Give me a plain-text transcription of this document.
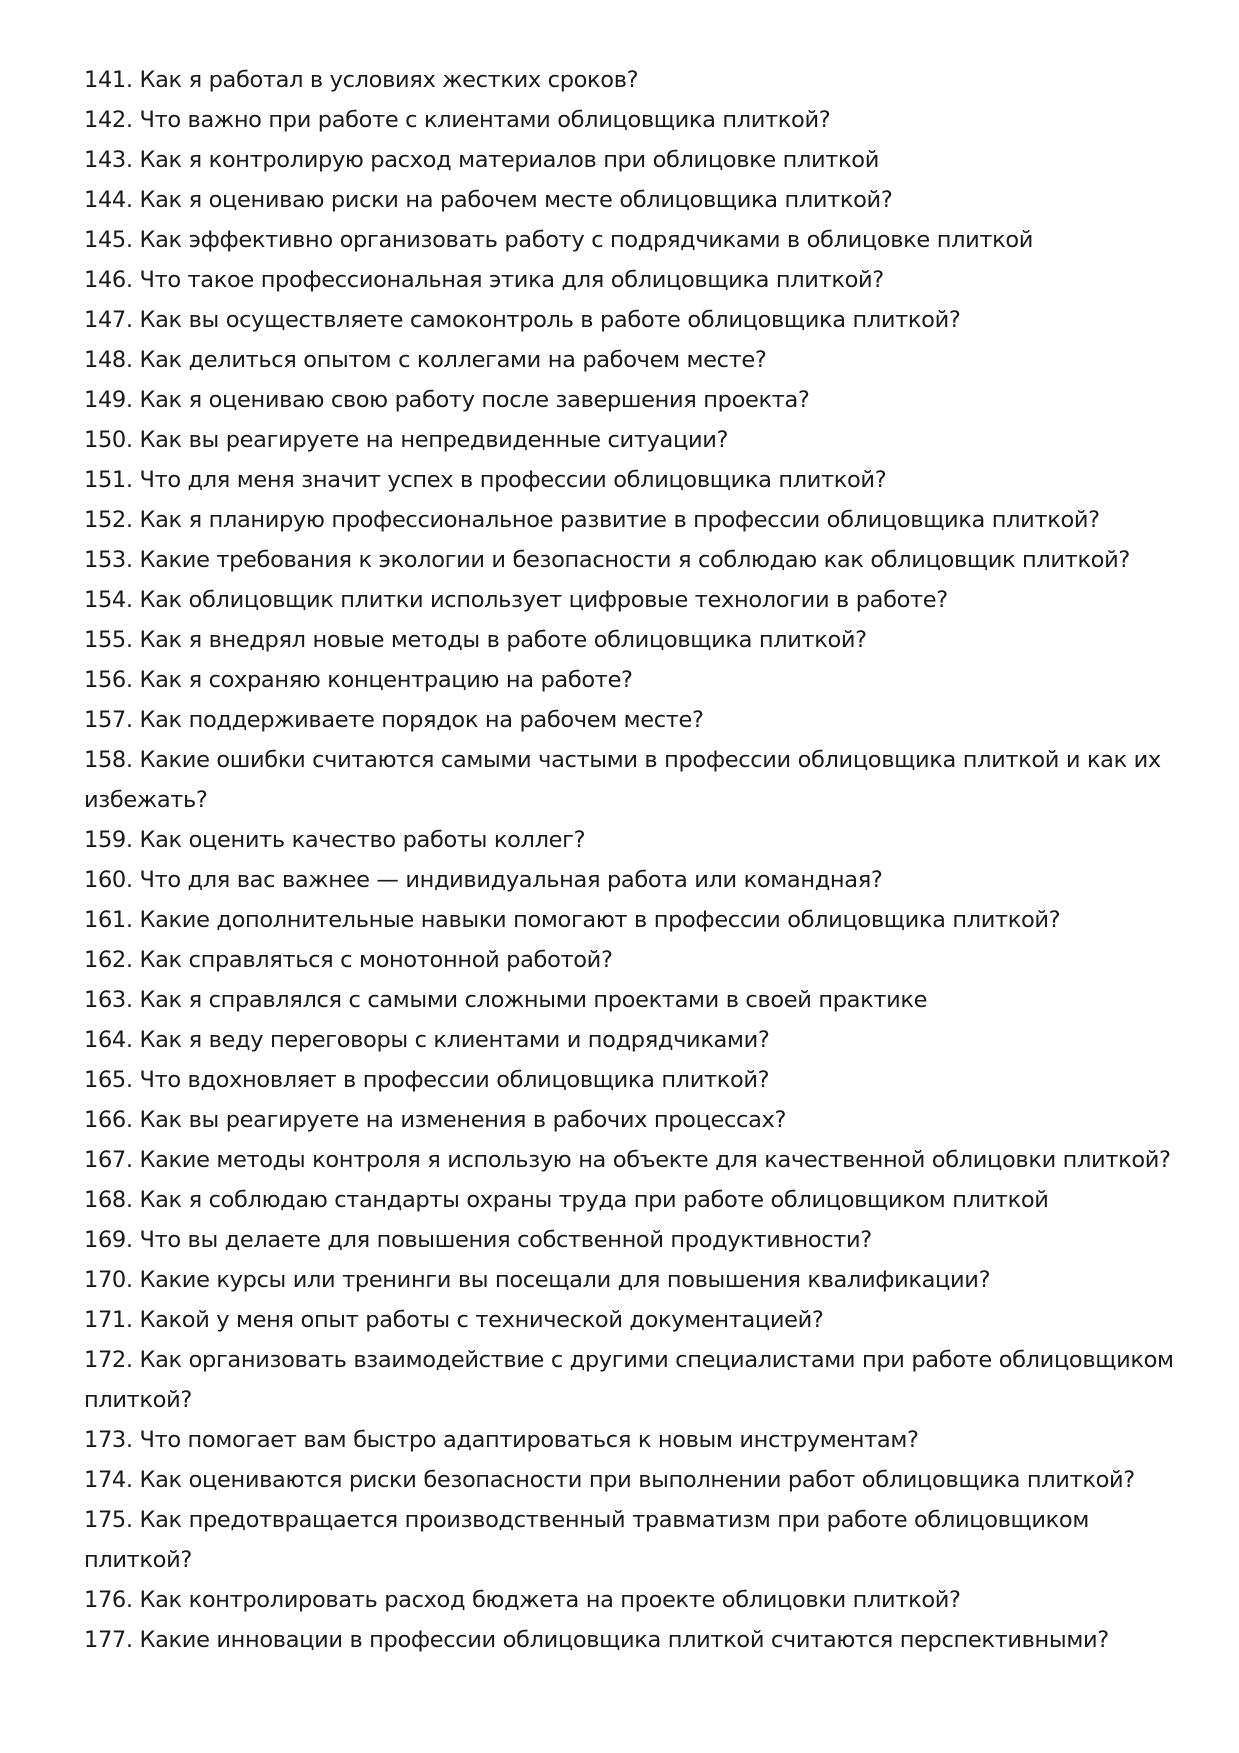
141. Как я работал в условиях жестких сроков?
142. Что важно при работе с клиентами облицовщика плиткой?
143. Как я контролирую расход материалов при облицовке плиткой
144. Как я оцениваю риски на рабочем месте облицовщика плиткой?
145. Как эффективно организовать работу с подрядчиками в облицовке плиткой
146. Что такое профессиональная этика для облицовщика плиткой?
147. Как вы осуществляете самоконтроль в работе облицовщика плиткой?
148. Как делиться опытом с коллегами на рабочем месте?
149. Как я оцениваю свою работу после завершения проекта?
150. Как вы реагируете на непредвиденные ситуации?
151. Что для меня значит успех в профессии облицовщика плиткой?
152. Как я планирую профессиональное развитие в профессии облицовщика плиткой?
153. Какие требования к экологии и безопасности я соблюдаю как облицовщик плиткой?
154. Как облицовщик плитки использует цифровые технологии в работе?
155. Как я внедрял новые методы в работе облицовщика плиткой?
156. Как я сохраняю концентрацию на работе?
157. Как поддерживаете порядок на рабочем месте?
158. Какие ошибки считаются самыми частыми в профессии облицовщика плиткой и как их избежать?
159. Как оценить качество работы коллег?
160. Что для вас важнее — индивидуальная работа или командная?
161. Какие дополнительные навыки помогают в профессии облицовщика плиткой?
162. Как справляться с монотонной работой?
163. Как я справлялся с самыми сложными проектами в своей практике
164. Как я веду переговоры с клиентами и подрядчиками?
165. Что вдохновляет в профессии облицовщика плиткой?
166. Как вы реагируете на изменения в рабочих процессах?
167. Какие методы контроля я использую на объекте для качественной облицовки плиткой?
168. Как я соблюдаю стандарты охраны труда при работе облицовщиком плиткой
169. Что вы делаете для повышения собственной продуктивности?
170. Какие курсы или тренинги вы посещали для повышения квалификации?
171. Какой у меня опыт работы с технической документацией?
172. Как организовать взаимодействие с другими специалистами при работе облицовщиком плиткой?
173. Что помогает вам быстро адаптироваться к новым инструментам?
174. Как оцениваются риски безопасности при выполнении работ облицовщика плиткой?
175. Как предотвращается производственный травматизм при работе облицовщиком плиткой?
176. Как контролировать расход бюджета на проекте облицовки плиткой?
177. Какие инновации в профессии облицовщика плиткой считаются перспективными?
